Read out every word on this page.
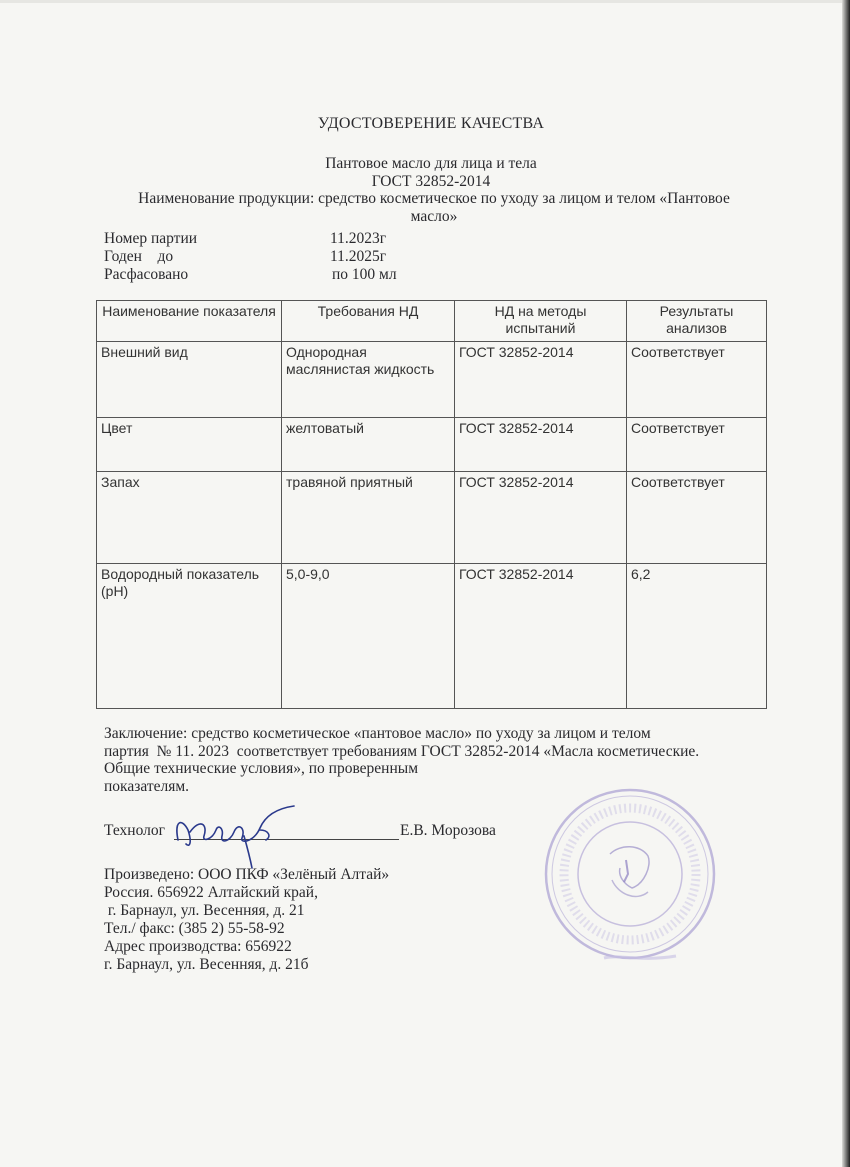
УДОСТОВЕРЕНИЕ КАЧЕСТВА
Пантовое масло для лица и тела
ГОСТ 32852-2014
Наименование продукции: средство косметическое по уходу за лицом и телом «Пантовое
масло»
Номер партии	11.2023г
Годен    до	11.2025г
Расфасовано	по 100 мл
Наименование показателя	Требования НД	НД на методы испытаний	Результаты анализов
Внешний вид	Однородная маслянистая жидкость	ГОСТ 32852-2014	Соответствует
Цвет	желтоватый	ГОСТ 32852-2014	Соответствует
Запах	травяной приятный	ГОСТ 32852-2014	Соответствует
Водородный показатель (pH)	5,0-9,0	ГОСТ 32852-2014	6,2
Заключение: средство косметическое «пантовое масло» по уходу за лицом и телом
партия  № 11. 2023  соответствует требованиям ГОСТ 32852-2014 «Масла косметические.
Общие технические условия», по проверенным
показателям.
Технолог	Е.В. Морозова
Произведено: ООО ПКФ «Зелёный Алтай»
Россия. 656922 Алтайский край,
г. Барнаул, ул. Весенняя, д. 21
Тел./ факс: (385 2) 55-58-92
Адрес производства: 656922
г. Барнаул, ул. Весенняя, д. 21б
